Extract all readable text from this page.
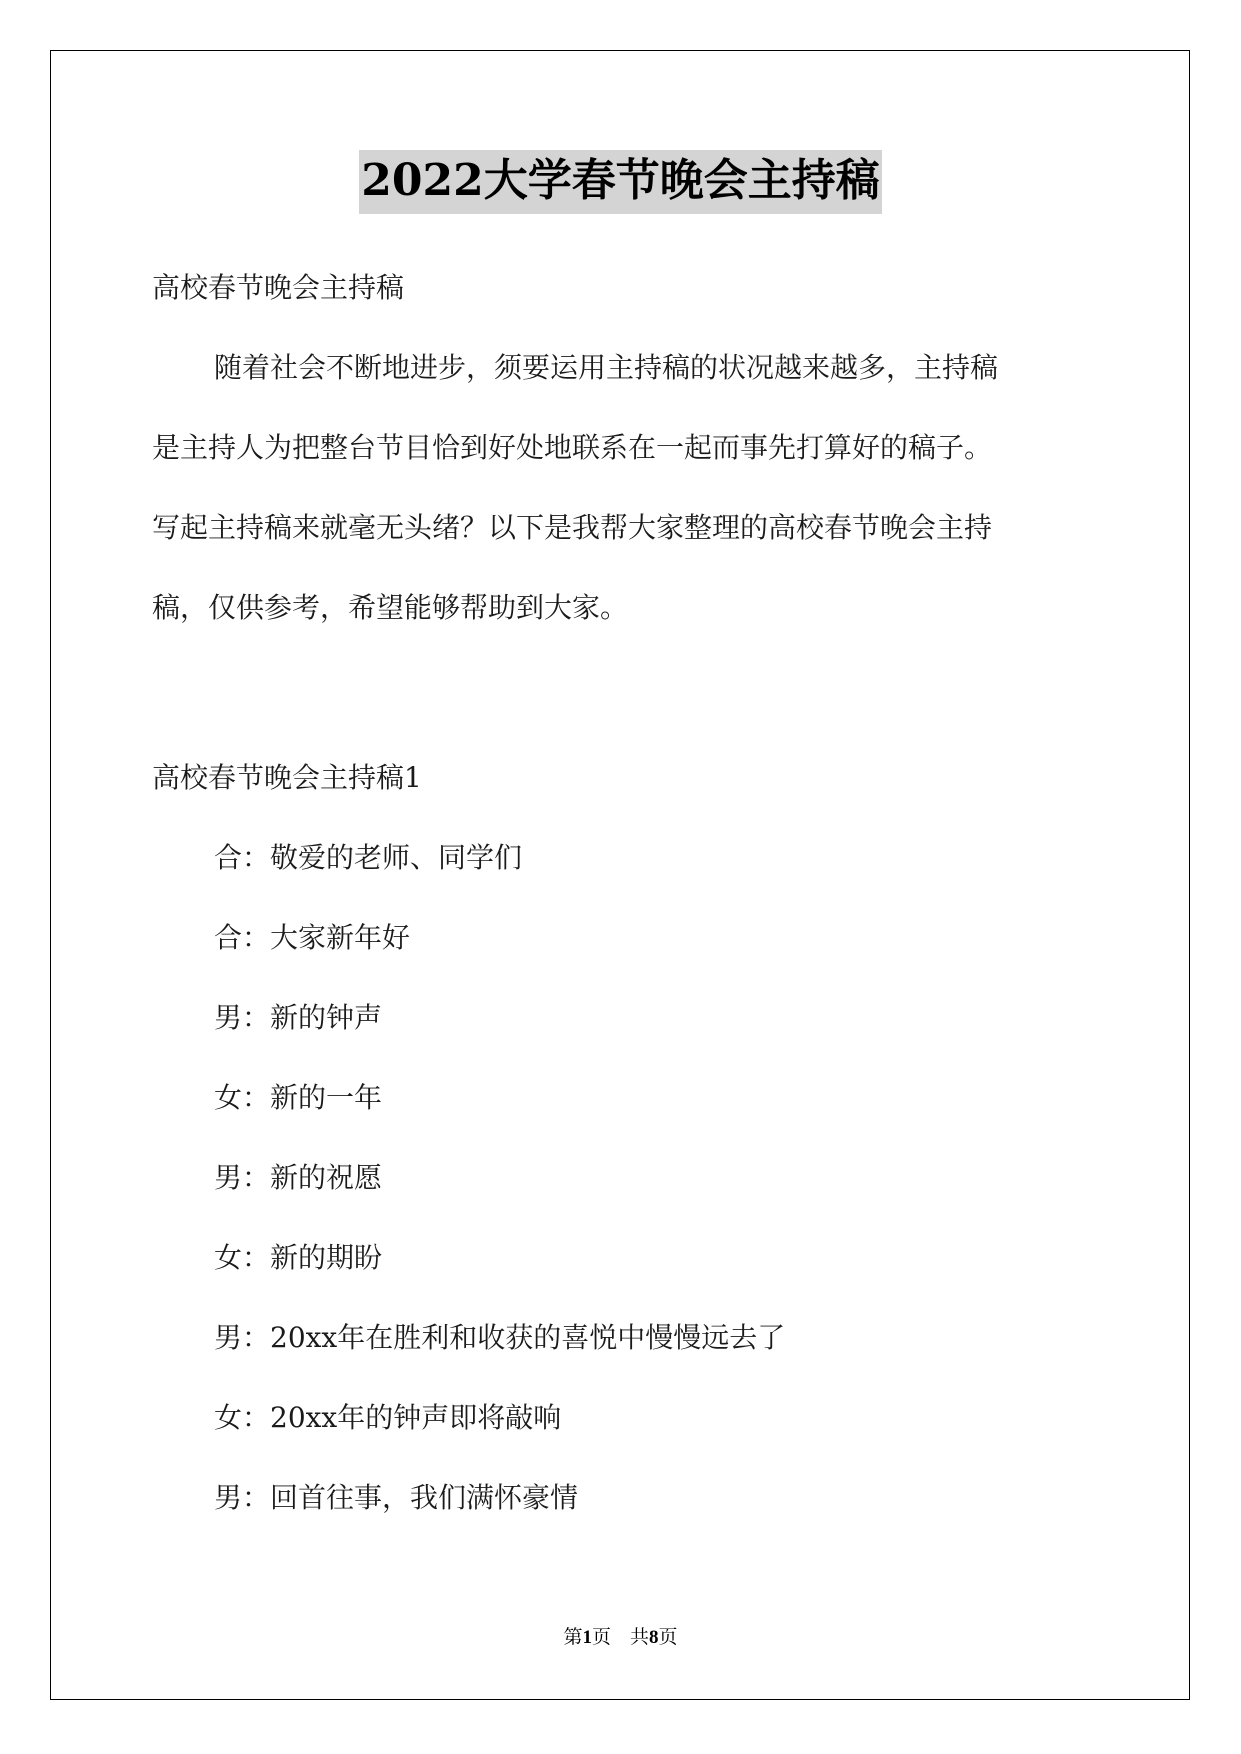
2022大学春节晚会主持稿
高校春节晚会主持稿
随着社会不断地进步，须要运用主持稿的状况越来越多，主持稿
是主持人为把整台节目恰到好处地联系在一起而事先打算好的稿子。
写起主持稿来就毫无头绪？以下是我帮大家整理的高校春节晚会主持
稿，仅供参考，希望能够帮助到大家。
高校春节晚会主持稿1
合：敬爱的老师、同学们
合：大家新年好
男：新的钟声
女：新的一年
男：新的祝愿
女：新的期盼
男：20xx年在胜利和收获的喜悦中慢慢远去了
女：20xx年的钟声即将敲响
男：回首往事，我们满怀豪情
第1页　共8页
